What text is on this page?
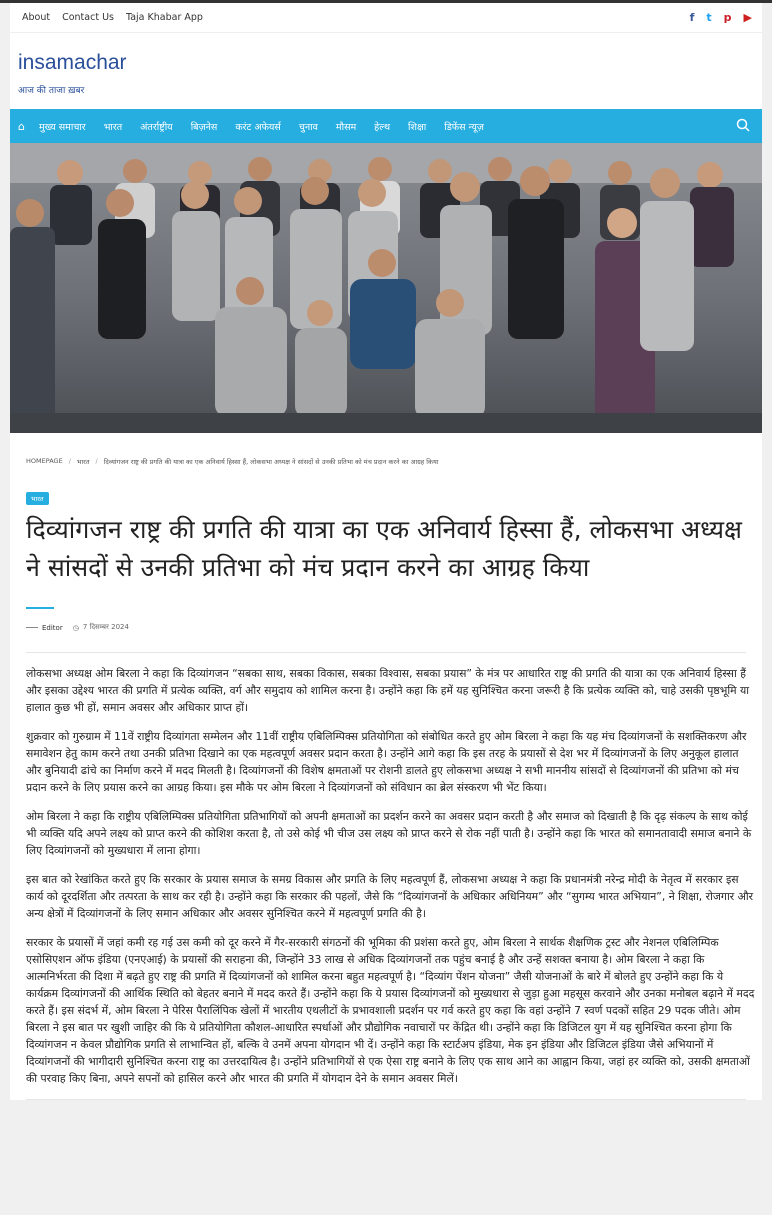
About Contact Us Taja Khabar App	f t p ▶
insamachar
आज की ताजा ख़बर
⌂ मुख्य समाचार भारत अंतर्राष्ट्रीय बिज़नेस करंट अफेयर्स चुनाव मौसम हेल्थ शिक्षा डिफेंस न्यूज़
HOMEPAGE / भारत / दिव्यांगजन राष्ट्र की प्रगति की यात्रा का एक अनिवार्य हिस्सा हैं, लोकसभा अध्यक्ष ने सांसदों से उनकी प्रतिभा को मंच प्रदान करने का आग्रह किया
भारत
दिव्यांगजन राष्ट्र की प्रगति की यात्रा का एक अनिवार्य हिस्सा हैं, लोकसभा अध्यक्ष ने सांसदों से उनकी प्रतिभा को मंच प्रदान करने का आग्रह किया
Editor ◷ 7 दिसम्बर 2024

लोकसभा अध्यक्ष ओम बिरला ने कहा कि दिव्यांगजन “सबका साथ, सबका विकास, सबका विश्वास, सबका प्रयास” के मंत्र पर आधारित राष्ट्र की प्रगति की यात्रा का एक अनिवार्य हिस्सा हैं और इसका उद्देश्य भारत की प्रगति में प्रत्येक व्यक्ति, वर्ग और समुदाय को शामिल करना है। उन्होंने कहा कि हमें यह सुनिश्चित करना जरूरी है कि प्रत्येक व्यक्ति को, चाहे उसकी पृष्ठभूमि या हालात कुछ भी हों, समान अवसर और अधिकार प्राप्त हों।

शुक्रवार को गुरुग्राम में 11वें राष्ट्रीय दिव्यांगता सम्मेलन और 11वीं राष्ट्रीय एबिलिम्पिक्स प्रतियोगिता को संबोधित करते हुए ओम बिरला ने कहा कि यह मंच दिव्यांगजनों के सशक्तिकरण और समावेशन हेतु काम करने तथा उनकी प्रतिभा दिखाने का एक महत्वपूर्ण अवसर प्रदान करता है। उन्होंने आगे कहा कि इस तरह के प्रयासों से देश भर में दिव्यांगजनों के लिए अनुकूल हालात और बुनियादी ढांचे का निर्माण करने में मदद मिलती है। दिव्यांगजनों की विशेष क्षमताओं पर रोशनी डालते हुए लोकसभा अध्यक्ष ने सभी माननीय सांसदों से दिव्यांगजनों की प्रतिभा को मंच प्रदान करने के लिए प्रयास करने का आग्रह किया। इस मौके पर ओम बिरला ने दिव्यांगजनों को संविधान का ब्रेल संस्करण भी भेंट किया।

ओम बिरला ने कहा कि राष्ट्रीय एबिलिम्पिक्स प्रतियोगिता प्रतिभागियों को अपनी क्षमताओं का प्रदर्शन करने का अवसर प्रदान करती है और समाज को दिखाती है कि दृढ़ संकल्प के साथ कोई भी व्यक्ति यदि अपने लक्ष्य को प्राप्त करने की कोशिश करता है, तो उसे कोई भी चीज उस लक्ष्य को प्राप्त करने से रोक नहीं पाती है। उन्होंने कहा कि भारत को समानतावादी समाज बनाने के लिए दिव्यांगजनों को मुख्यधारा में लाना होगा।

इस बात को रेखांकित करते हुए कि सरकार के प्रयास समाज के समग्र विकास और प्रगति के लिए महत्वपूर्ण हैं, लोकसभा अध्यक्ष ने कहा कि प्रधानमंत्री नरेन्द्र मोदी के नेतृत्व में सरकार इस कार्य को दूरदर्शिता और तत्परता के साथ कर रही है। उन्होंने कहा कि सरकार की पहलों, जैसे कि “दिव्यांगजनों के अधिकार अधिनियम” और “सुगम्य भारत अभियान”, ने शिक्षा, रोजगार और अन्य क्षेत्रों में दिव्यांगजनों के लिए समान अधिकार और अवसर सुनिश्चित करने में महत्वपूर्ण प्रगति की है।

सरकार के प्रयासों में जहां कमी रह गई उस कमी को दूर करने में गैर-सरकारी संगठनों की भूमिका की प्रशंसा करते हुए, ओम बिरला ने सार्थक शैक्षणिक ट्रस्ट और नेशनल एबिलिम्पिक एसोसिएशन ऑफ इंडिया (एनएआई) के प्रयासों की सराहना की, जिन्होंने 33 लाख से अधिक दिव्यांगजनों तक पहुंच बनाई है और उन्हें सशक्त बनाया है। ओम बिरला ने कहा कि आत्मनिर्भरता की दिशा में बढ़ते हुए राष्ट्र की प्रगति में दिव्यांगजनों को शामिल करना बहुत महत्वपूर्ण है। “दिव्यांग पेंशन योजना” जैसी योजनाओं के बारे में बोलते हुए उन्होंने कहा कि ये कार्यक्रम दिव्यांगजनों की आर्थिक स्थिति को बेहतर बनाने में मदद करते हैं। उन्होंने कहा कि ये प्रयास दिव्यांगजनों को मुख्यधारा से जुड़ा हुआ महसूस करवाने और उनका मनोबल बढ़ाने में मदद करते हैं। इस संदर्भ में, ओम बिरला ने पेरिस पैरालिंपिक खेलों में भारतीय एथलीटों के प्रभावशाली प्रदर्शन पर गर्व करते हुए कहा कि वहां उन्होंने 7 स्वर्ण पदकों सहित 29 पदक जीते। ओम बिरला ने इस बात पर खुशी जाहिर की कि ये प्रतियोगिता कौशल-आधारित स्पर्धाओं और प्रौद्योगिक नवाचारों पर केंद्रित थी। उन्होंने कहा कि डिजिटल युग में यह सुनिश्चित करना होगा कि दिव्यांगजन न केवल प्रौद्योगिक प्रगति से लाभान्वित हों, बल्कि वे उनमें अपना योगदान भी दें। उन्होंने कहा कि स्टार्टअप इंडिया, मेक इन इंडिया और डिजिटल इंडिया जैसे अभियानों में दिव्यांगजनों की भागीदारी सुनिश्चित करना राष्ट्र का उत्तरदायित्व है। उन्होंने प्रतिभागियों से एक ऐसा राष्ट्र बनाने के लिए एक साथ आने का आह्वान किया, जहां हर व्यक्ति को, उसकी क्षमताओं की परवाह किए बिना, अपने सपनों को हासिल करने और भारत की प्रगति में योगदान देने के समान अवसर मिलें।
